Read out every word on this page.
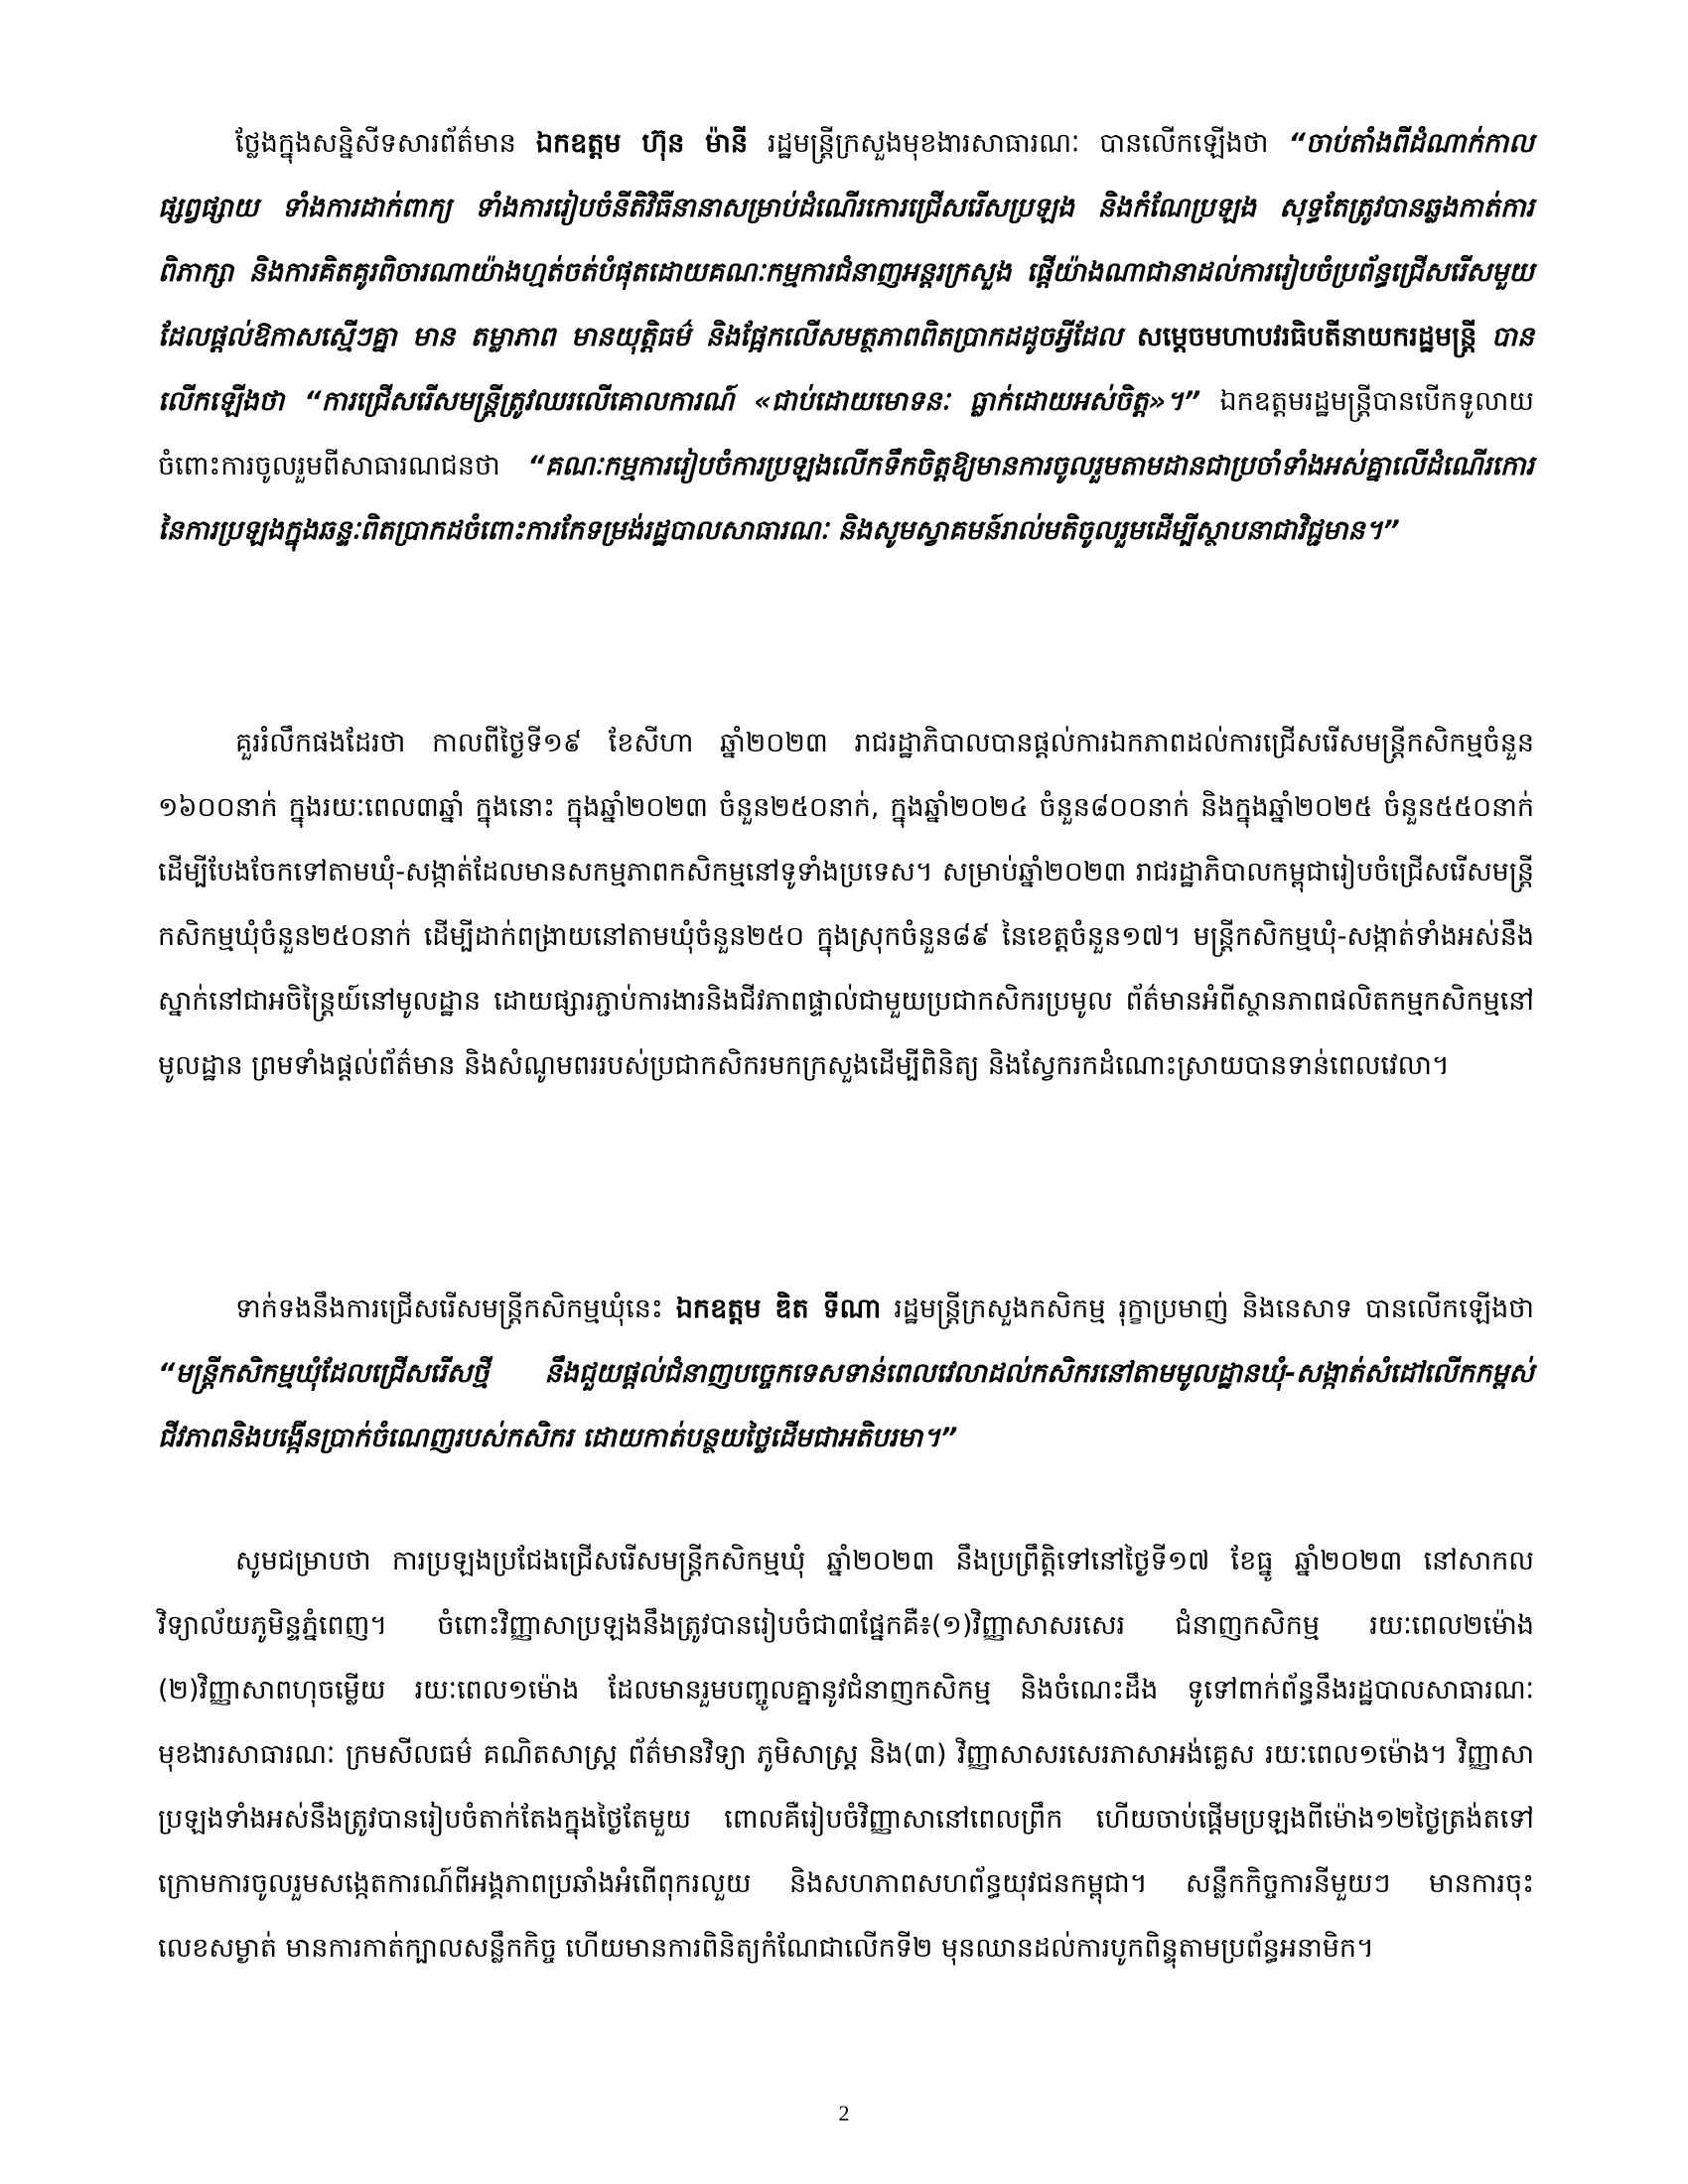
ថ្លែងក្នុងសន្និសីទសារព័ត៌មាន ឯកឧត្ដម ហ៊ុន ម៉ានី រដ្ឋមន្ត្រីក្រសួងមុខងារសាធារណៈ បានលើកឡើងថា “ចាប់តាំងពីដំណាក់កាលផ្សព្វផ្សាយ ទាំងការដាក់ពាក្យ ទាំងការរៀបចំនីតិវិធីនានាសម្រាប់ដំណើរកោរជ្រើសរើសប្រឡង និងកំណែប្រឡង សុទ្ធតែត្រូវបានឆ្លងកាត់ការពិភាក្សា និងការគិតគូរពិចារណាយ៉ាងហ្មត់ចត់បំផុតដោយគណៈកម្មការជំនាញអន្តរក្រសួង ផ្ដើយ៉ាងណាជានាដល់ការរៀបចំប្រព័ន្ធជ្រើសរើសមួយដែលផ្ដល់ឱកាសស្មើៗគ្នា មាន តម្លាភាព មានយុត្តិធម៌ និងផ្អែកលើសមត្ថភាពពិតប្រាកដដូចអ្វីដែល សម្ដេចមហាបវរធិបតីនាយករដ្ឋមន្ត្រី បានលើកឡើងថា “ការជ្រើសរើសមន្ត្រីត្រូវឈរលើគោលការណ៍ «ជាប់ដោយមោទនៈ ធ្លាក់ដោយអស់ចិត្ត»។” ឯកឧត្តមរដ្ឋមន្ត្រីបានបើកទូលាយចំពោះការចូលរួមពីសាធារណជនថា “គណៈកម្មការរៀបចំការប្រឡងលើកទឹកចិត្តឱ្យមានការចូលរួមតាមដានជាប្រចាំទាំងអស់គ្នាលើដំណើរកោរនៃការប្រឡងក្នុងឆន្ទៈពិតប្រាកដចំពោះការកែទម្រង់រដ្ឋបាលសាធារណៈ និងសូមស្វាគមន៍រាល់មតិចូលរួមដើម្បីស្ថាបនាជាវិជ្ជមាន។”

គួររំលឹកផងដែរថា កាលពីថ្ងៃទី១៩ ខែសីហា ឆ្នាំ២០២៣ រាជរដ្ឋាភិបាលបានផ្ដល់ការឯកភាពដល់ការជ្រើសរើសមន្ត្រីកសិកម្មចំនួន ១៦០០នាក់ ក្នុងរយៈពេល៣ឆ្នាំ ក្នុងនោះ ក្នុងឆ្នាំ២០២៣ ចំនួន២៥០នាក់, ក្នុងឆ្នាំ២០២៤ ចំនួន៨០០នាក់ និងក្នុងឆ្នាំ២០២៥ ចំនួន៥៥០នាក់ ដើម្បីបែងចែកទៅតាមឃុំ-សង្កាត់ដែលមានសកម្មភាពកសិកម្មនៅទូទាំងប្រទេស។ សម្រាប់ឆ្នាំ២០២៣ រាជរដ្ឋាភិបាលកម្ពុជារៀបចំជ្រើសរើសមន្ត្រីកសិកម្មឃុំចំនួន២៥០នាក់ ដើម្បីដាក់ពង្រាយនៅតាមឃុំចំនួន២៥០ ក្នុងស្រុកចំនួន៨៩ នៃខេត្តចំនួន១៧។ មន្ត្រីកសិកម្មឃុំ-សង្កាត់ទាំងអស់នឹងស្នាក់នៅជាអចិន្ត្រៃយ៍នៅមូលដ្ឋាន ដោយផ្សារភ្ជាប់ការងារនិងជីវភាពផ្ទាល់ជាមួយប្រជាកសិករប្រមូល ព័ត៌មានអំពីស្ថានភាពផលិតកម្មកសិកម្មនៅមូលដ្ឋាន ព្រមទាំងផ្ដល់ព័ត៌មាន និងសំណូមពររបស់ប្រជាកសិករមកក្រសួងដើម្បីពិនិត្យ និងស្វែករកដំណោះស្រាយបានទាន់ពេលវេលា។

ទាក់ទងនឹងការជ្រើសរើសមន្ត្រីកសិកម្មឃុំនេះ ឯកឧត្តម ឌិត ទីណា រដ្ឋមន្ត្រីក្រសួងកសិកម្ម រុក្ខាប្រមាញ់ និងនេសាទ បានលើកឡើងថា “មន្ត្រីកសិកម្មឃុំដែលជ្រើសរើសថ្មី នឹងជួយផ្ដល់ជំនាញបច្ចេកទេសទាន់ពេលវេលាដល់កសិករនៅតាមមូលដ្ឋានឃុំ-សង្កាត់សំដៅលើកកម្ពស់ជីវភាពនិងបង្កើនប្រាក់ចំណេញរបស់កសិករ ដោយកាត់បន្ថយថ្លៃដើមជាអតិបរមា។”

សូមជម្រាបថា ការប្រឡងប្រជែងជ្រើសរើសមន្ត្រីកសិកម្មឃុំ ឆ្នាំ២០២៣ នឹងប្រព្រឹត្តិទៅនៅថ្ងៃទី១៧ ខែធ្នូ ឆ្នាំ២០២៣ នៅសាកលវិទ្យាល័យភូមិន្ទភ្នំពេញ។ ចំពោះវិញ្ញាសាប្រឡងនឹងត្រូវបានរៀបចំជា៣ផ្នែកគឺ៖(១)វិញ្ញាសាសរសេរ ជំនាញកសិកម្ម រយៈពេល២ម៉ោង (២)វិញ្ញាសាពហុចម្លើយ រយៈពេល១ម៉ោង ដែលមានរួមបញ្ចូលគ្នានូវជំនាញកសិកម្ម និងចំណេះដឹង ទូទៅពាក់ព័ន្ធនឹងរដ្ឋបាលសាធារណៈ មុខងារសាធារណៈ ក្រមសីលធម៌ គណិតសាស្ត្រ ព័ត៌មានវិទ្យា ភូមិសាស្ត្រ និង(៣) វិញ្ញាសាសរសេរភាសាអង់គ្លេស រយៈពេល១ម៉ោង។ វិញ្ញាសាប្រឡងទាំងអស់នឹងត្រូវបានរៀបចំតាក់តែងក្នុងថ្ងៃតែមួយ ពោលគឺរៀបចំវិញ្ញាសានៅពេលព្រឹក ហើយចាប់ផ្ដើមប្រឡងពីម៉ោង១២ថ្ងៃត្រង់តទៅ ក្រោមការចូលរួមសង្កេតការណ៍ពីអង្គភាពប្រឆាំងអំពើពុករលួយ និងសហភាពសហព័ន្ធយុវជនកម្ពុជា។ សន្លឹកកិច្ចការនីមួយៗ មានការចុះលេខសម្ងាត់ មានការកាត់ក្បាលសន្លឹកកិច្ច ហើយមានការពិនិត្យកំណែជាលើកទី២ មុនឈានដល់ការបូកពិន្ទុតាមប្រព័ន្ធអនាមិក។

2
